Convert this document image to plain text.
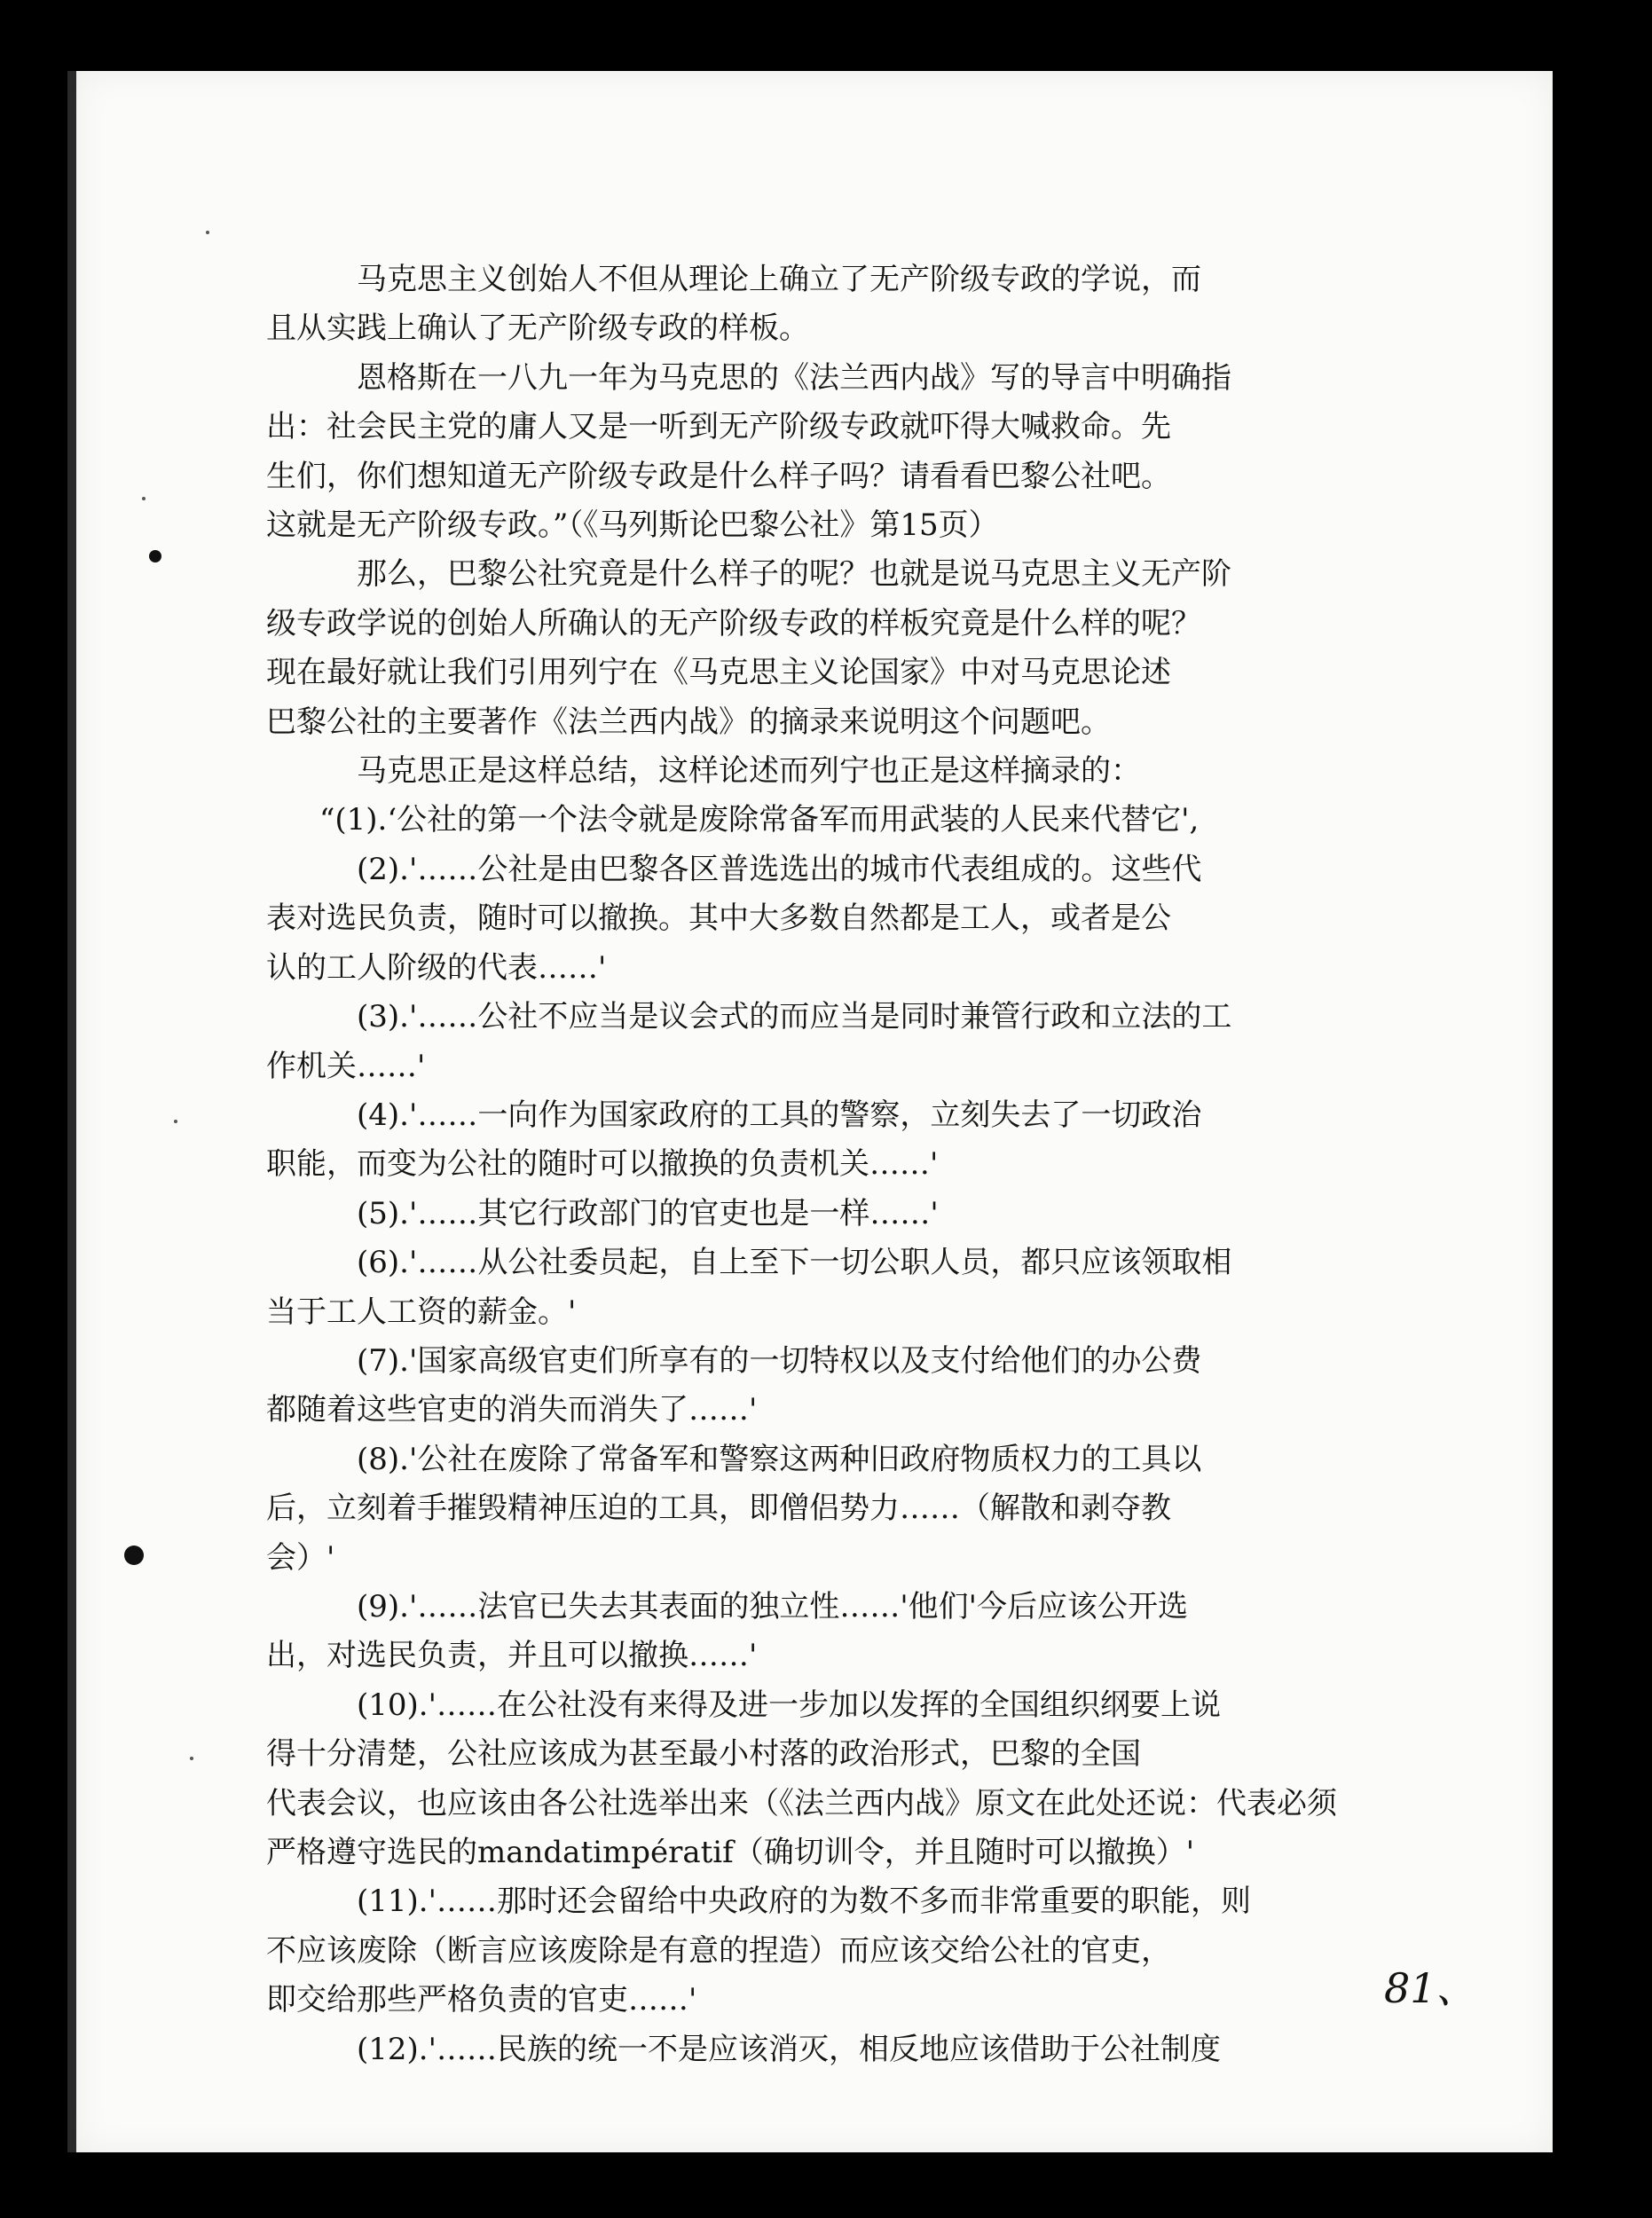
马克思主义创始人不但从理论上确立了无产阶级专政的学说，而

且从实践上确认了无产阶级专政的样板。

恩格斯在一八九一年为马克思的《法兰西内战》写的导言中明确指

出：社会民主党的庸人又是一听到无产阶级专政就吓得大喊救命。先

生们，你们想知道无产阶级专政是什么样子吗？请看看巴黎公社吧。

这就是无产阶级专政。”（《马列斯论巴黎公社》第15页）

那么，巴黎公社究竟是什么样子的呢？也就是说马克思主义无产阶

级专政学说的创始人所确认的无产阶级专政的样板究竟是什么样的呢？

现在最好就让我们引用列宁在《马克思主义论国家》中对马克思论述

巴黎公社的主要著作《法兰西内战》的摘录来说明这个问题吧。

马克思正是这样总结，这样论述而列宁也正是这样摘录的：

“(1).‘公社的第一个法令就是废除常备军而用武装的人民来代替它',

(2).'……公社是由巴黎各区普选选出的城市代表组成的。这些代

表对选民负责，随时可以撤换。其中大多数自然都是工人，或者是公

认的工人阶级的代表……'

(3).'……公社不应当是议会式的而应当是同时兼管行政和立法的工

作机关……'

(4).'……一向作为国家政府的工具的警察，立刻失去了一切政治

职能，而变为公社的随时可以撤换的负责机关……'

(5).'……其它行政部门的官吏也是一样……'

(6).'……从公社委员起，自上至下一切公职人员，都只应该领取相

当于工人工资的薪金。'

(7).'国家高级官吏们所享有的一切特权以及支付给他们的办公费

都随着这些官吏的消失而消失了……'

(8).'公社在废除了常备军和警察这两种旧政府物质权力的工具以

后，立刻着手摧毁精神压迫的工具，即僧侣势力……（解散和剥夺教

会）'

(9).'……法官已失去其表面的独立性……'他们'今后应该公开选

出，对选民负责，并且可以撤换……'

(10).'……在公社没有来得及进一步加以发挥的全国组织纲要上说

得十分清楚，公社应该成为甚至最小村落的政治形式，巴黎的全国

代表会议，也应该由各公社选举出来（《法兰西内战》原文在此处还说：代表必须

严格遵守选民的mandatimpératif（确切训令，并且随时可以撤换）'

(11).'……那时还会留给中央政府的为数不多而非常重要的职能，则

不应该废除（断言应该废除是有意的捏造）而应该交给公社的官吏，

即交给那些严格负责的官吏……'

(12).'……民族的统一不是应该消灭，相反地应该借助于公社制度

81、
